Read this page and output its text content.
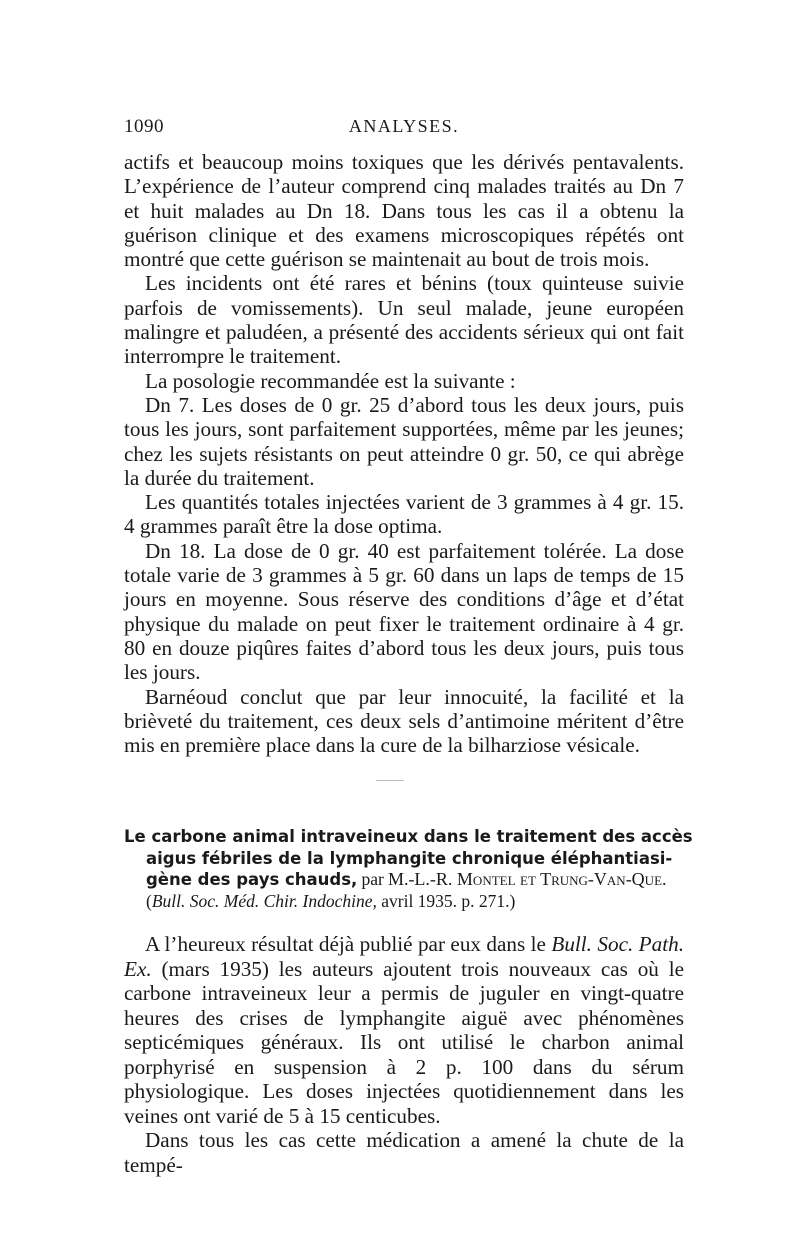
1090	ANALYSES.

actifs et beaucoup moins toxiques que les dérivés pentavalents. L’expérience de l’auteur comprend cinq malades traités au Dn 7 et huit malades au Dn 18. Dans tous les cas il a obtenu la guérison clinique et des examens microscopiques répétés ont montré que cette guérison se maintenait au bout de trois mois.

Les incidents ont été rares et bénins (toux quinteuse suivie parfois de vomissements). Un seul malade, jeune européen malingre et paludéen, a présenté des accidents sérieux qui ont fait interrompre le traitement.

La posologie recommandée est la suivante :

Dn 7. Les doses de 0 gr. 25 d’abord tous les deux jours, puis tous les jours, sont parfaitement supportées, même par les jeunes; chez les sujets résistants on peut atteindre 0 gr. 50, ce qui abrège la durée du traitement.

Les quantités totales injectées varient de 3 grammes à 4 gr. 15. 4 grammes paraît être la dose optima.

Dn 18. La dose de 0 gr. 40 est parfaitement tolérée. La dose totale varie de 3 grammes à 5 gr. 60 dans un laps de temps de 15 jours en moyenne. Sous réserve des conditions d’âge et d’état physique du malade on peut fixer le traitement ordinaire à 4 gr. 80 en douze piqûres faites d’abord tous les deux jours, puis tous les jours.

Barnéoud conclut que par leur innocuité, la facilité et la brièveté du traitement, ces deux sels d’antimoine méritent d’être mis en première place dans la cure de la bilharziose vésicale.

Le carbone animal intraveineux dans le traitement des accès
aigus fébriles de la lymphangite chronique éléphantiasi-
gène des pays chauds, par M.-L.-R. Montel et Trung-Van-Que.
(Bull. Soc. Méd. Chir. Indochine, avril 1935. p. 271.)

A l’heureux résultat déjà publié par eux dans le Bull. Soc. Path. Ex. (mars 1935) les auteurs ajoutent trois nouveaux cas où le carbone intraveineux leur a permis de juguler en vingt-quatre heures des crises de lymphangite aiguë avec phénomènes septicémiques généraux. Ils ont utilisé le charbon animal porphyrisé en suspension à 2 p. 100 dans du sérum physiologique. Les doses injectées quotidiennement dans les veines ont varié de 5 à 15 centicubes.

Dans tous les cas cette médication a amené la chute de la tempé-
